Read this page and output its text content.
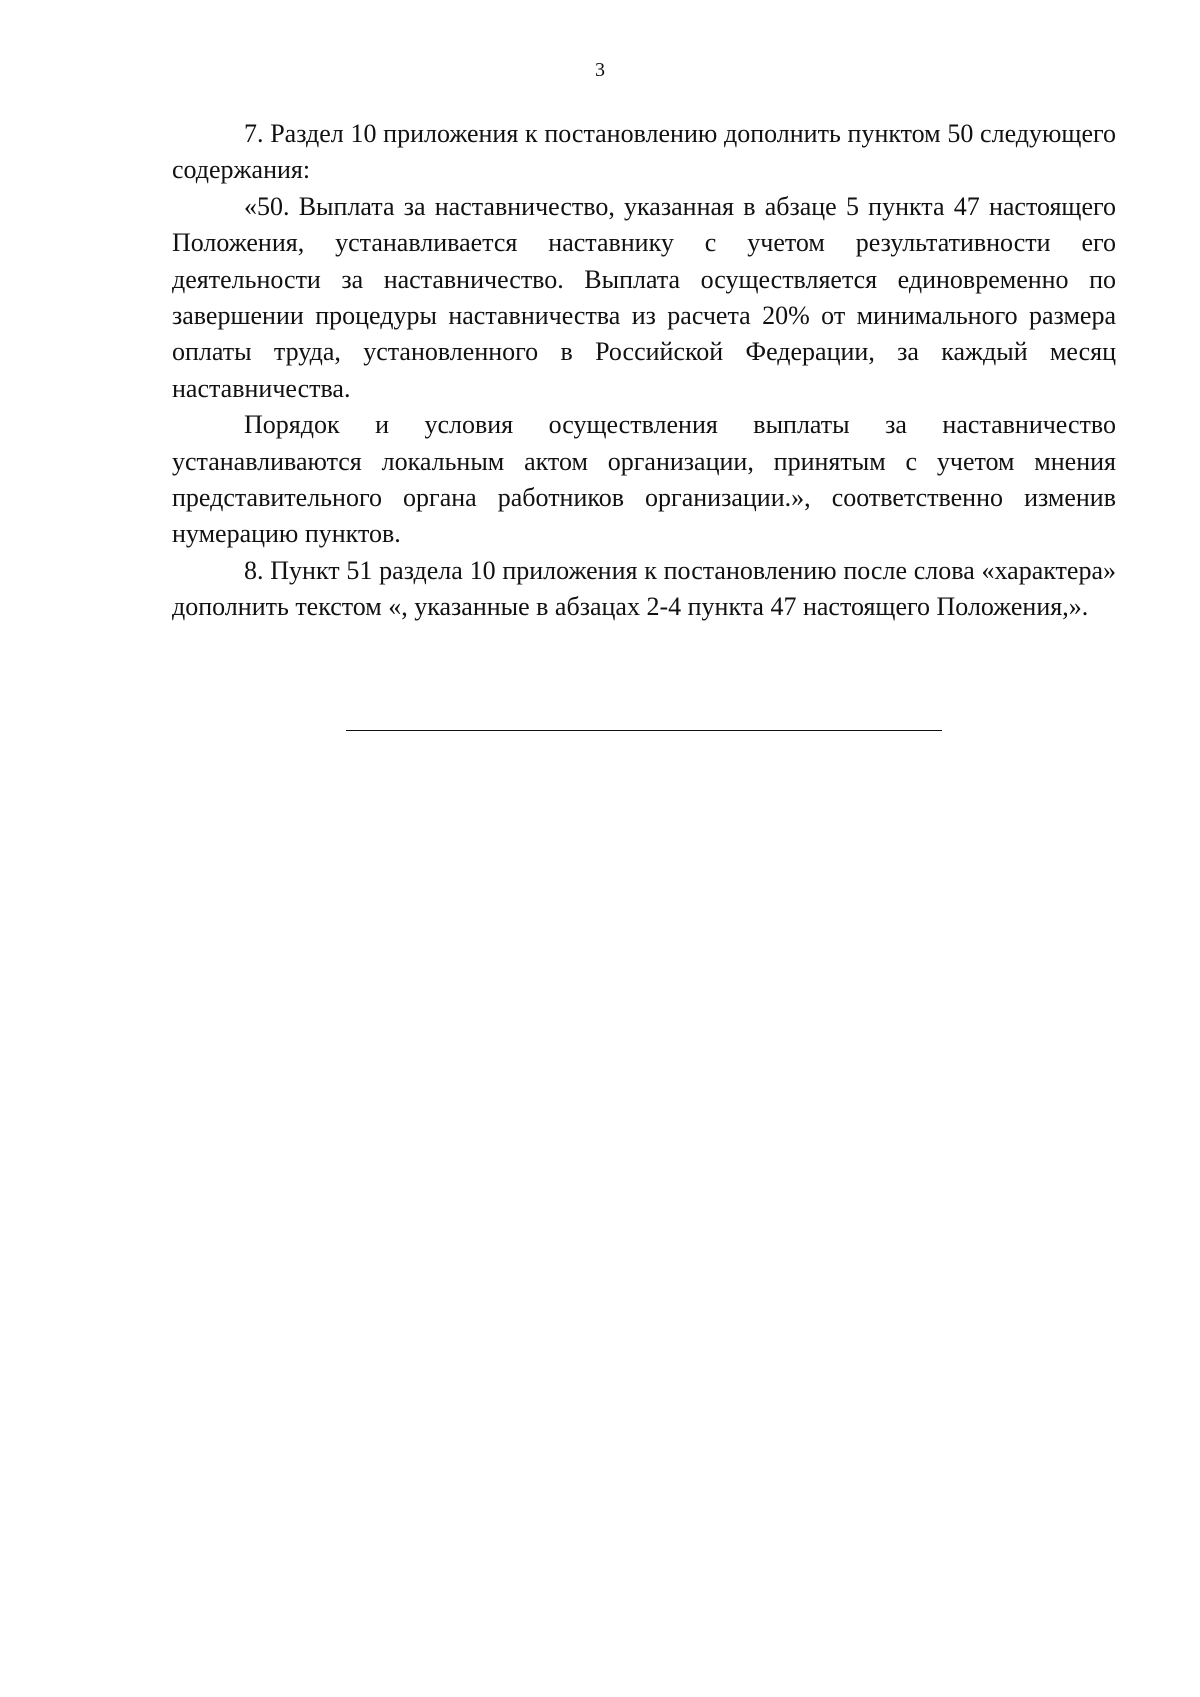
3

7. Раздел 10 приложения к постановлению дополнить пунктом 50 следующего содержания:

«50. Выплата за наставничество, указанная в абзаце 5 пункта 47 настоящего Положения, устанавливается наставнику с учетом результативности его деятельности за наставничество. Выплата осуществляется единовременно по завершении процедуры наставничества из расчета 20% от минимального размера оплаты труда, установленного в Российской Федерации, за каждый месяц наставничества.

Порядок и условия осуществления выплаты за наставничество устанавливаются локальным актом организации, принятым с учетом мнения представительного органа работников организации.», соответственно изменив нумерацию пунктов.

8. Пункт 51 раздела 10 приложения к постановлению после слова «характера» дополнить текстом «, указанные в абзацах 2-4 пункта 47 настоящего Положения,».
